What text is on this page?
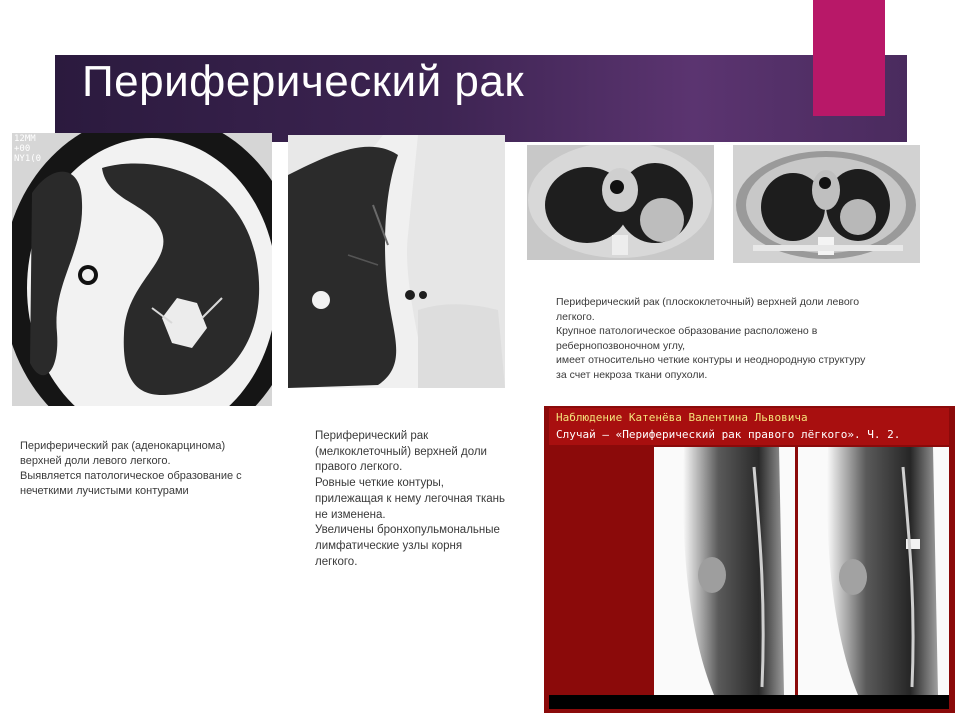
Периферический рак
12MM
+00
NY1(0

Периферический рак (аденокарцинома)

верхней доли левого легкого.

Выявляется патологическое образование с

нечеткими лучистыми контурами

Периферический рак

(мелкоклеточный) верхней доли

правого легкого.

Ровные четкие контуры,

прилежащая к нему легочная ткань

не изменена.

Увеличены бронхопульмональные

лимфатические узлы корня

легкого.

Периферический рак (плоскоклеточный) верхней доли левого

легкого.

Крупное патологическое образование расположено в

ребернопозвоночном углу,

имеет относительно четкие контуры и неоднородную структуру

за счет некроза ткани опухоли.

Наблюдение Катенёва Валентина Львовича
Случай – «Периферический рак правого лёгкого». Ч. 2.
